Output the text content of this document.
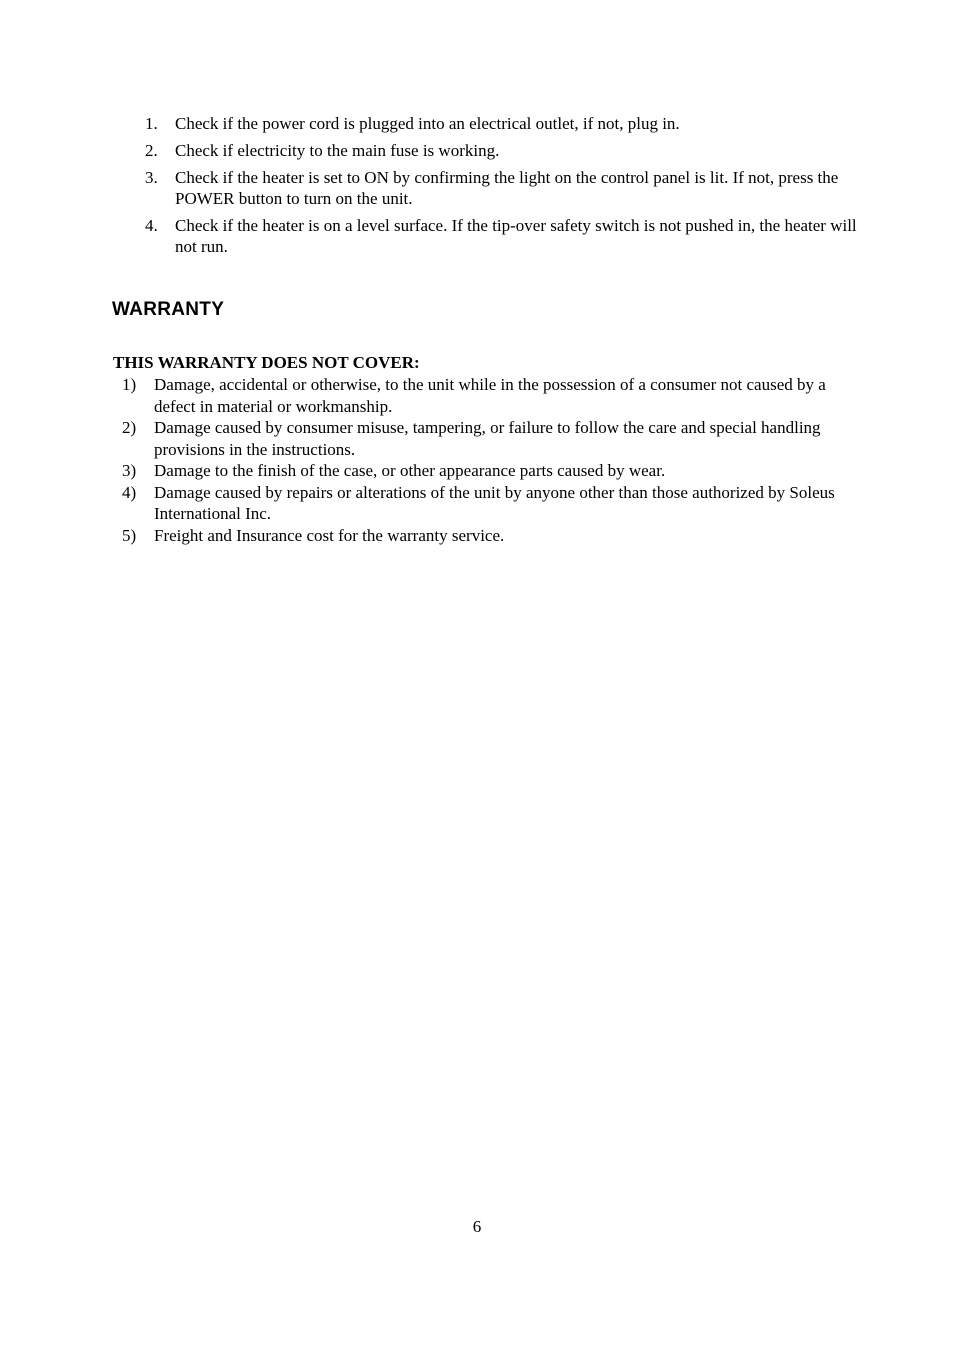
1.	Check if the power cord is plugged into an electrical outlet, if not, plug in.
2.	Check if electricity to the main fuse is working.
3.	Check if the heater is set to ON by confirming the light on the control panel is lit. If not, press the POWER button to turn on the unit.
4.	Check if the heater is on a level surface. If the tip-over safety switch is not pushed in, the heater will not run.
WARRANTY

THIS WARRANTY DOES NOT COVER:

1)	Damage, accidental or otherwise, to the unit while in the possession of a consumer not caused by a defect in material or workmanship.
2)	Damage caused by consumer misuse, tampering, or failure to follow the care and special handling provisions in the instructions.
3)	Damage to the finish of the case, or other appearance parts caused by wear.
4)	Damage caused by repairs or alterations of the unit by anyone other than those authorized by Soleus International Inc.
5)	Freight and Insurance cost for the warranty service.
6
